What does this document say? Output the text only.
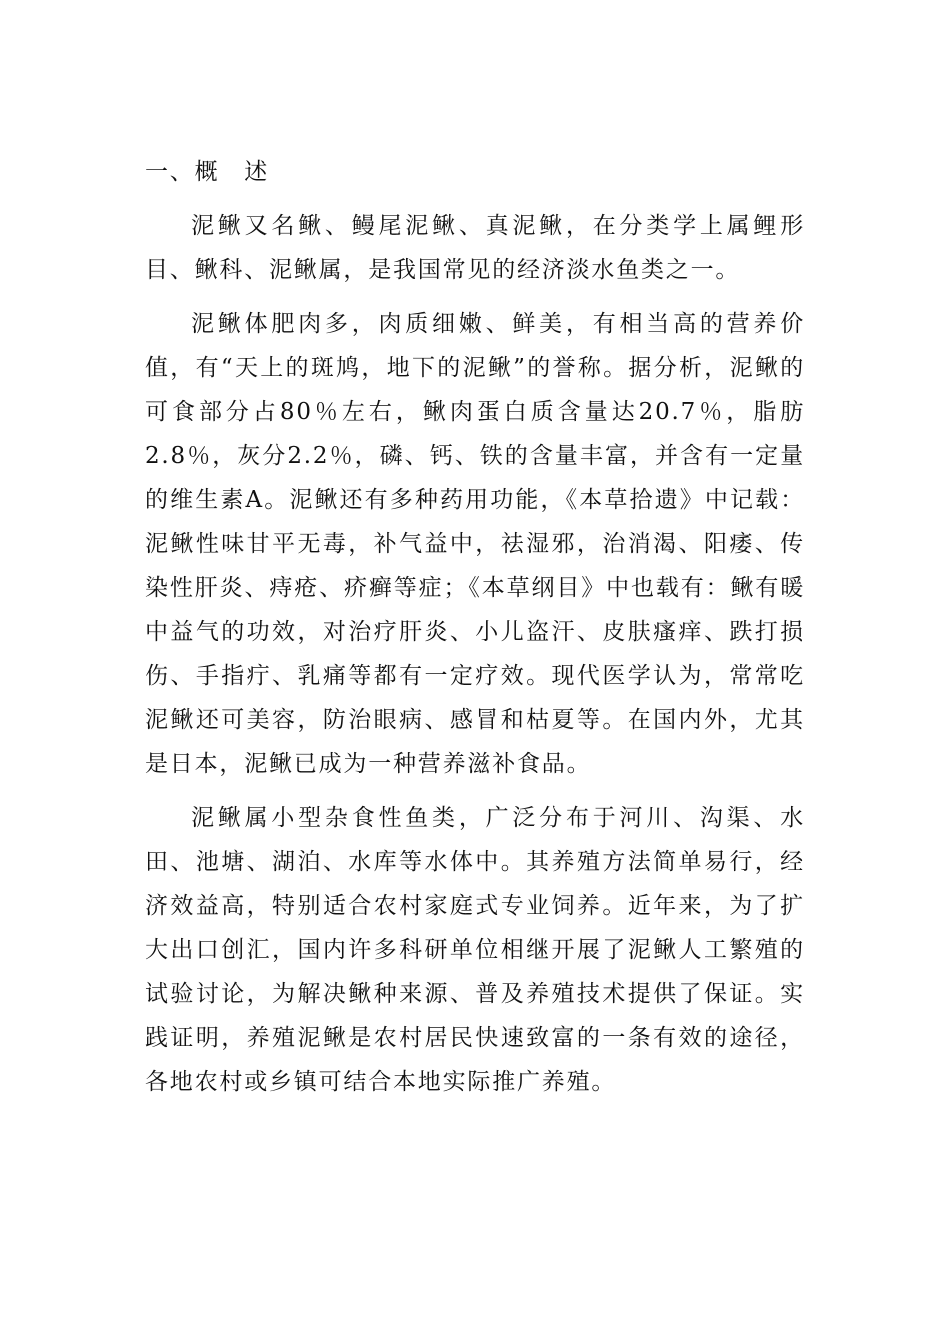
一、概　述

泥鳅又名鳅、鳗尾泥鳅、真泥鳅，在分类学上属鲤形目、鳅科、泥鳅属，是我国常见的经济淡水鱼类之一。

泥鳅体肥肉多，肉质细嫩、鲜美，有相当高的营养价值，有“天上的斑鸠，地下的泥鳅”的誉称。据分析，泥鳅的可食部分占80％左右，鳅肉蛋白质含量达20.7％，脂肪2.8％，灰分2.2％，磷、钙、铁的含量丰富，并含有一定量的维生素A。泥鳅还有多种药用功能，《本草拾遗》中记载：泥鳅性味甘平无毒，补气益中，祛湿邪，治消渴、阳痿、传染性肝炎、痔疮、疥癣等症；《本草纲目》中也载有：鳅有暖中益气的功效，对治疗肝炎、小儿盗汗、皮肤瘙痒、跌打损伤、手指疔、乳痛等都有一定疗效。现代医学认为，常常吃泥鳅还可美容，防治眼病、感冒和枯夏等。在国内外，尤其是日本，泥鳅已成为一种营养滋补食品。

泥鳅属小型杂食性鱼类，广泛分布于河川、沟渠、水田、池塘、湖泊、水库等水体中。其养殖方法简单易行，经济效益高，特别适合农村家庭式专业饲养。近年来，为了扩大出口创汇，国内许多科研单位相继开展了泥鳅人工繁殖的试验讨论，为解决鳅种来源、普及养殖技术提供了保证。实践证明，养殖泥鳅是农村居民快速致富的一条有效的途径，各地农村或乡镇可结合本地实际推广养殖。
